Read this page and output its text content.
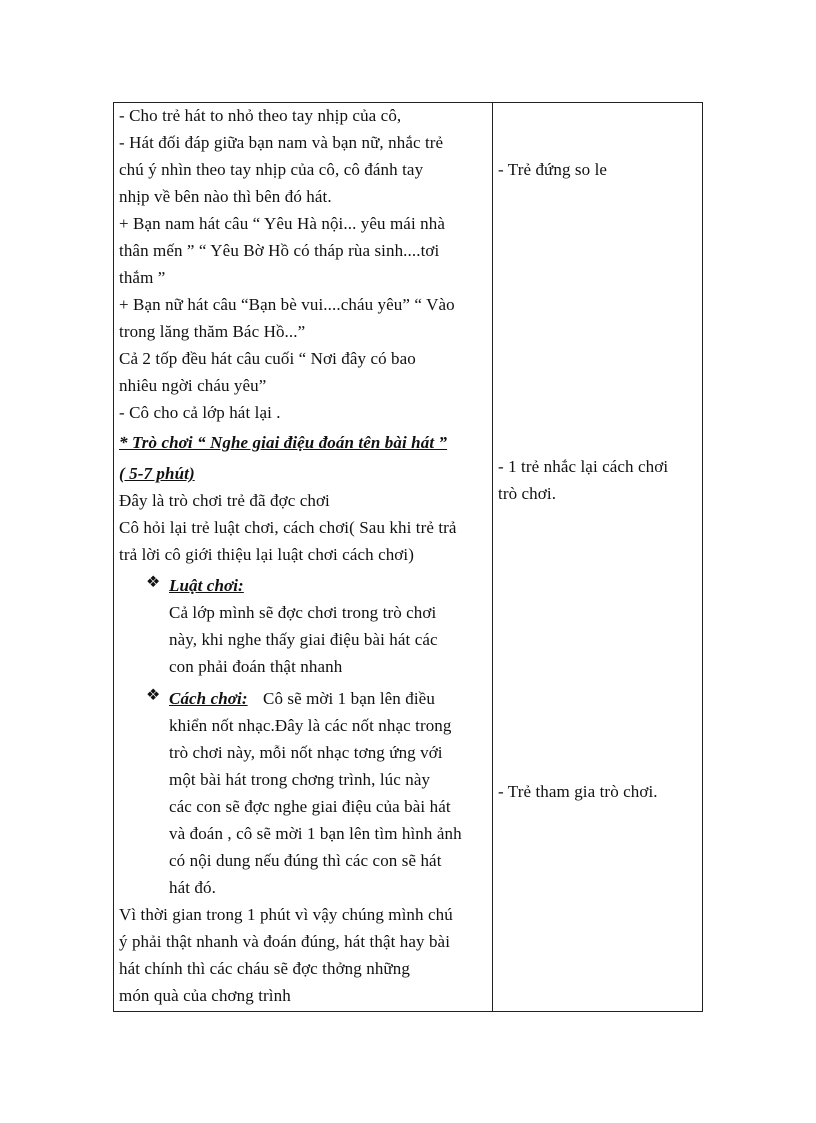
- Cho trẻ hát to nhỏ theo tay nhịp của cô,
- Hát đối đáp giữa bạn nam và bạn nữ, nhắc trẻ
chú ý nhìn theo tay nhịp của cô, cô đánh tay
nhịp về bên nào thì bên đó hát.
+ Bạn nam hát câu “ Yêu Hà nội... yêu mái nhà
thân mến ” “ Yêu Bờ Hồ có tháp rùa sinh....tơi
thắm ”
+ Bạn nữ hát câu “Bạn bè vui....cháu yêu” “ Vào
trong lăng thăm Bác Hồ...”
Cả 2 tốp đều hát câu cuối “ Nơi đây có bao
nhiêu ngời cháu yêu”
- Cô cho cả lớp hát lại .
* Trò chơi “ Nghe giai điệu đoán tên bài hát ”
( 5-7 phút)
Đây là trò chơi trẻ đã đợc chơi
Cô hỏi lại trẻ luật chơi, cách chơi( Sau khi trẻ trả
trả lời cô giới thiệu lại luật chơi cách chơi)
❖ Luật chơi:
Cả lớp mình sẽ đợc chơi trong trò chơi
này, khi nghe thấy giai điệu bài hát các
con phải đoán thật nhanh
❖ Cách chơi: Cô sẽ mời 1 bạn lên điều
khiển nốt nhạc.Đây là các nốt nhạc trong
trò chơi này, mỗi nốt nhạc tơng ứng với
một bài hát trong chơng trình, lúc này
các con sẽ đợc nghe giai điệu của bài hát
và đoán , cô sẽ mời 1 bạn lên tìm hình ảnh
có nội dung nếu đúng thì các con sẽ hát
hát đó.
Vì thời gian trong 1 phút vì vậy chúng mình chú
ý phải thật nhanh và đoán đúng, hát thật hay bài
hát chính thì các cháu sẽ đợc thởng những
món quà của chơng trình
- Trẻ đứng so le
- 1 trẻ nhắc lại cách chơi
trò chơi.
- Trẻ tham gia trò chơi.
